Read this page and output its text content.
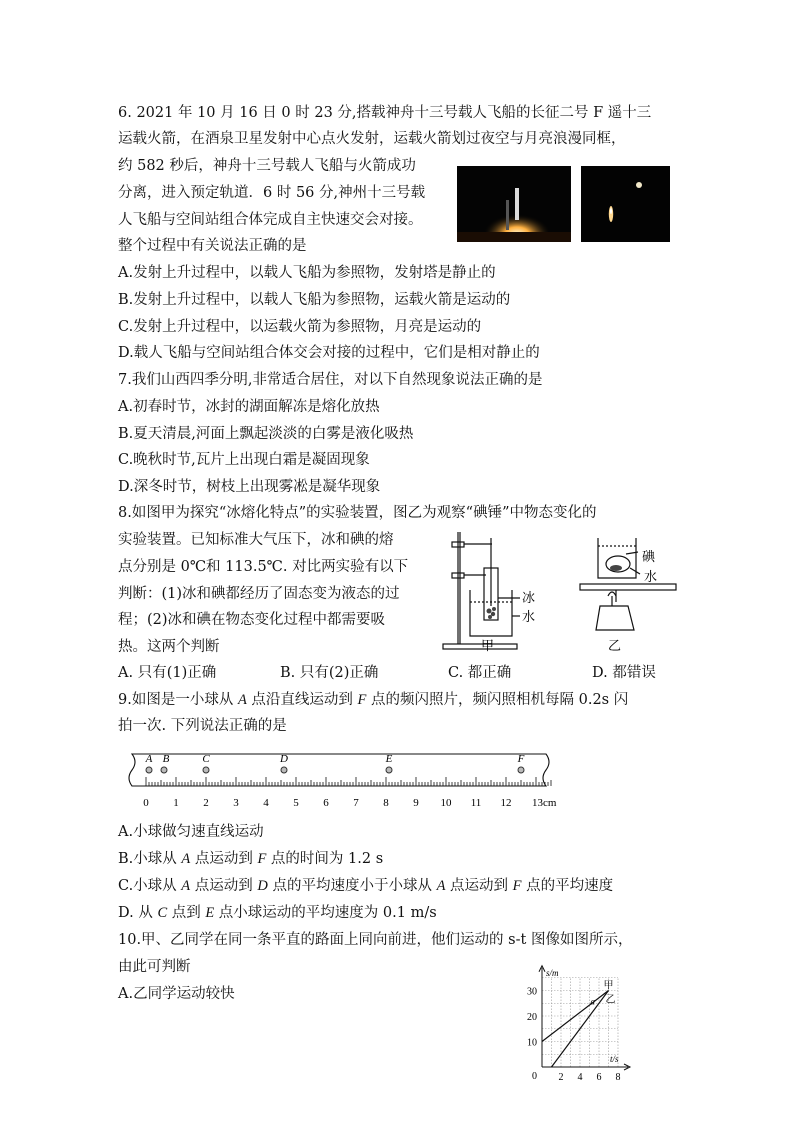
6. 2021 年 10 月 16 日 0 时 23 分,搭载神舟十三号载人飞船的长征二号 F 遥十三
运载火箭，在酒泉卫星发射中心点火发射，运载火箭划过夜空与月亮浪漫同框，
约 582 秒后，神舟十三号载人飞船与火箭成功
分离，进入预定轨道．6 时 56 分,神州十三号载
人飞船与空间站组合体完成自主快速交会对接。
整个过程中有关说法正确的是
A.发射上升过程中，以载人飞船为参照物，发射塔是静止的
B.发射上升过程中，以载人飞船为参照物，运载火箭是运动的
C.发射上升过程中，以运载火箭为参照物，月亮是运动的
D.载人飞船与空间站组合体交会对接的过程中，它们是相对静止的
7.我们山西四季分明,非常适合居住，对以下自然现象说法正确的是
A.初春时节，冰封的湖面解冻是熔化放热
B.夏天清晨,河面上飘起淡淡的白雾是液化吸热
C.晚秋时节,瓦片上出现白霜是凝固现象
D.深冬时节，树枝上出现雾凇是凝华现象
8.如图甲为探究“冰熔化特点”的实验装置，图乙为观察“碘锤”中物态变化的
实验装置。已知标准大气压下，冰和碘的熔
点分别是 0℃和 113.5℃. 对比两实验有以下
判断：(1)冰和碘都经历了固态变为液态的过
程；(2)冰和碘在物态变化过程中都需要吸
热。这两个判断
冰
水
碘
水
甲	乙
A. 只有(1)正确	B. 只有(2)正确	C. 都正确	D. 都错误
9.如图是一小球从 A 点沿直线运动到 F 点的频闪照片，频闪照相机每隔 0.2s 闪
拍一次. 下列说法正确的是
A B	C	D	E	F
0 1 2 3 4 5 6 7 8 9 10 11 12 13cm
A.小球做匀速直线运动
B.小球从 A 点运动到 F 点的时间为 1.2 s
C.小球从 A 点运动到 D 点的平均速度小于小球从 A 点运动到 F 点的平均速度
D. 从 C 点到 E 点小球运动的平均速度为 0.1 m/s
10.甲、乙同学在同一条平直的路面上同向前进，他们运动的 s-t 图像如图所示，
由此可判断
A.乙同学运动较快
2 4 6 8
10
20
30
0
s/m
t/s
甲
乙
a
